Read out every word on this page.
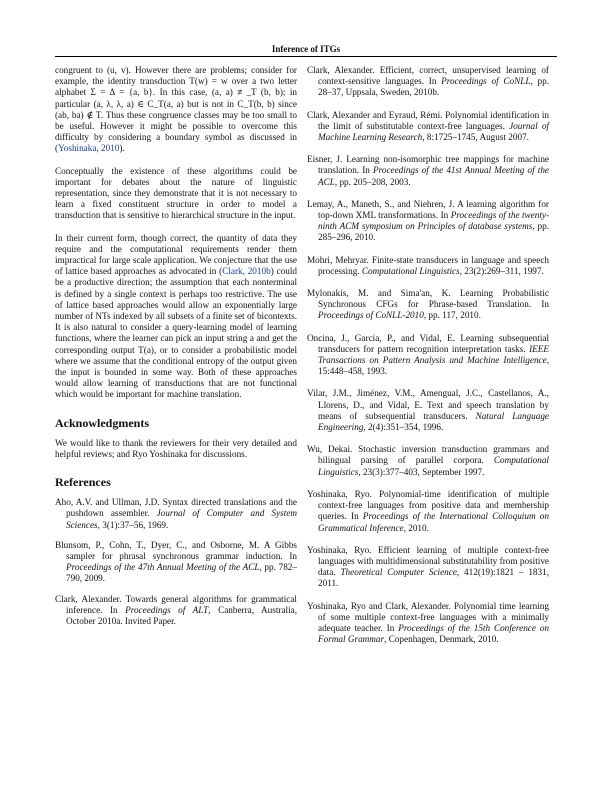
Inference of ITGs

congruent to (u, v). However there are problems; consider for example, the identity transduction T(w) = w over a two letter alphabet Σ = Δ = {a, b}. In this case, (a, a) ≢_T (b, b); in particular (a, λ, λ, a) ∈ C_T(a, a) but is not in C_T(b, b) since (ab, ba) ∉ T. Thus these congruence classes may be too small to be useful. However it might be possible to overcome this difficulty by considering a boundary symbol as discussed in (Yoshinaka, 2010).

Conceptually the existence of these algorithms could be important for debates about the nature of linguistic representation, since they demonstrate that it is not necessary to learn a fixed constituent structure in order to model a transduction that is sensitive to hierarchical structure in the input.

In their current form, though correct, the quantity of data they require and the computational requirements render them impractical for large scale application. We conjecture that the use of lattice based approaches as advocated in (Clark, 2010b) could be a productive direction; the assumption that each nonterminal is defined by a single context is perhaps too restrictive. The use of lattice based approaches would allow an exponentially large number of NTs indexed by all subsets of a finite set of bicontexts. It is also natural to consider a query-learning model of learning functions, where the learner can pick an input string a and get the corresponding output T(a), or to consider a probabilistic model where we assume that the conditional entropy of the output given the input is bounded in some way. Both of these approaches would allow learning of transductions that are not functional which would be important for machine translation.

Acknowledgments

We would like to thank the reviewers for their very detailed and helpful reviews; and Ryo Yoshinaka for discussions.

References

Aho, A.V. and Ullman, J.D. Syntax directed translations and the pushdown assembler. Journal of Computer and System Sciences, 3(1):37–56, 1969.

Blunsom, P., Cohn, T., Dyer, C., and Osborne, M. A Gibbs sampler for phrasal synchronous grammar induction. In Proceedings of the 47th Annual Meeting of the ACL, pp. 782–790, 2009.

Clark, Alexander. Towards general algorithms for grammatical inference. In Proceedings of ALT, Canberra, Australia, October 2010a. Invited Paper.

Clark, Alexander. Efficient, correct, unsupervised learning of context-sensitive languages. In Proceedings of CoNLL, pp. 28–37, Uppsala, Sweden, 2010b.

Clark, Alexander and Eyraud, Rémi. Polynomial identification in the limit of substitutable context-free languages. Journal of Machine Learning Research, 8:1725–1745, August 2007.

Eisner, J. Learning non-isomorphic tree mappings for machine translation. In Proceedings of the 41st Annual Meeting of the ACL, pp. 205–208, 2003.

Lemay, A., Maneth, S., and Niehren, J. A learning algorithm for top-down XML transformations. In Proceedings of the twenty-ninth ACM symposium on Principles of database systems, pp. 285–296, 2010.

Mohri, Mehryar. Finite-state transducers in language and speech processing. Computational Linguistics, 23(2):269–311, 1997.

Mylonakis, M. and Sima'an, K. Learning Probabilistic Synchronous CFGs for Phrase-based Translation. In Proceedings of CoNLL-2010, pp. 117, 2010.

Oncina, J., García, P., and Vidal, E. Learning subsequential transducers for pattern recognition interpretation tasks. IEEE Transactions on Pattern Analysis and Machine Intelligence, 15:448–458, 1993.

Vilar, J.M., Jiménez, V.M., Amengual, J.C., Castellanos, A., Llorens, D., and Vidal, E. Text and speech translation by means of subsequential transducers. Natural Language Engineering, 2(4):351–354, 1996.

Wu, Dekai. Stochastic inversion transduction grammars and bilingual parsing of parallel corpora. Computational Linguistics, 23(3):377–403, September 1997.

Yoshinaka, Ryo. Polynomial-time identification of multiple context-free languages from positive data and membership queries. In Proceedings of the International Colloquium on Grammatical Inference, 2010.

Yoshinaka, Ryo. Efficient learning of multiple context-free languages with multidimensional substitutability from positive data. Theoretical Computer Science, 412(19):1821 – 1831, 2011.

Yoshinaka, Ryo and Clark, Alexander. Polynomial time learning of some multiple context-free languages with a minimally adequate teacher. In Proceedings of the 15th Conference on Formal Grammar, Copenhagen, Denmark, 2010.
